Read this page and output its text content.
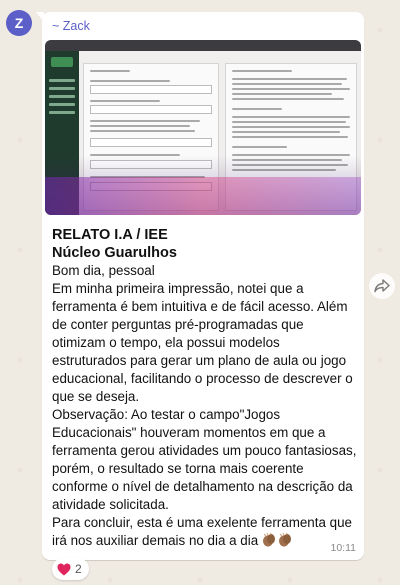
Z ~ Zack
RELATO I.A / IEE
Núcleo Guarulhos
Bom dia, pessoal
Em minha primeira impressão, notei que a ferramenta é bem intuitiva e de fácil acesso. Além de conter perguntas pré-programadas que otimizam o tempo, ela possui modelos estruturados para gerar um plano de aula ou jogo educacional, facilitando o processo de descrever o que se deseja.
Observação: Ao testar o campo"Jogos Educacionais" houveram momentos em que a ferramenta gerou atividades um pouco fantasiosas, porém, o resultado se torna mais coerente conforme o nível de detalhamento na descrição da atividade solicitada.
Para concluir, esta é uma exelente ferramenta que irá nos auxiliar demais no dia a dia	10:11
2
